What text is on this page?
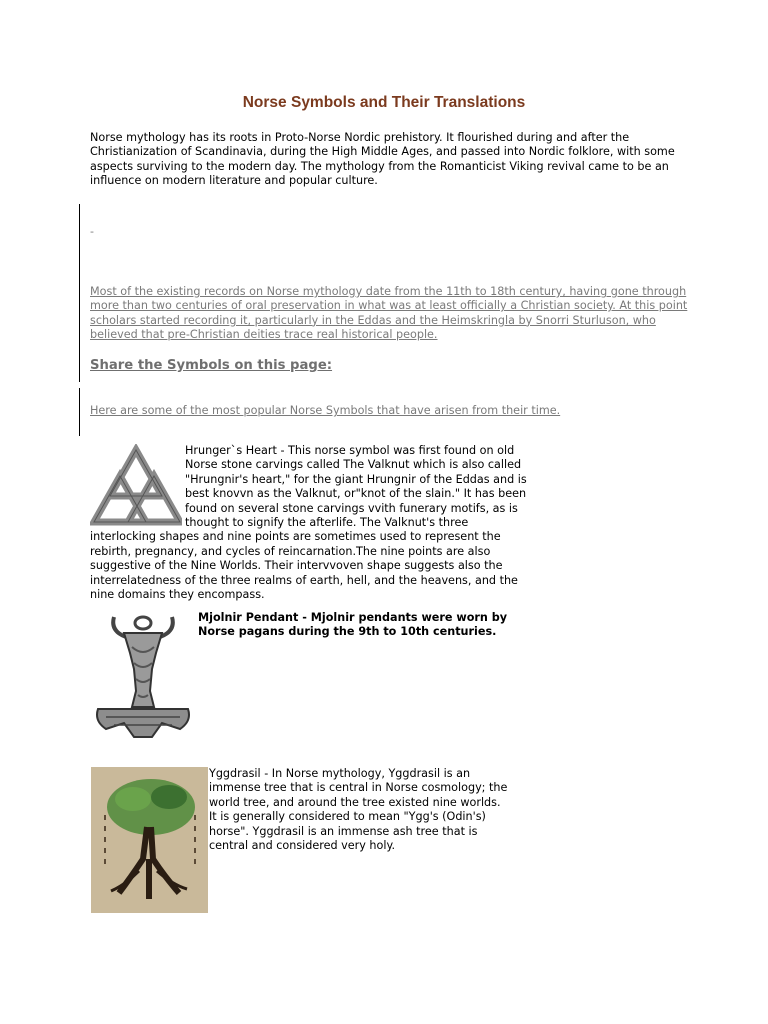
Norse Symbols and Their Translations
Norse mythology has its roots in Proto-Norse Nordic prehistory. It flourished during and after the Christianization of Scandinavia, during the High Middle Ages, and passed into Nordic folklore, with some aspects surviving to the modern day. The mythology from the Romanticist Viking revival came to be an influence on modern literature and popular culture.
-
Most of the existing records on Norse mythology date from the 11th to 18th century, having gone through more than two centuries of oral preservation in what was at least officially a Christian society. At this point scholars started recording it, particularly in the Eddas and the Heimskringla by Snorri Sturluson, who believed that pre-Christian deities trace real historical people.
Share the Symbols on this page:
Here are some of the most popular Norse Symbols that have arisen from their time.

Hrunger`s Heart - This norse symbol was first found on old Norse stone carvings called The Valknut which is also called "Hrungnir's heart," for the giant Hrungnir of the Eddas and is best knovvn as the Valknut, or"knot of the slain." It has been found on several stone carvings vvith funerary motifs, as is thought to signify the afterlife. The Valknut's three interlocking shapes and nine points are sometimes used to represent the rebirth, pregnancy, and cycles of reincarnation.The nine points are also suggestive of the Nine Worlds. Their intervvoven shape suggests also the interrelatedness of the three realms of earth, hell, and the heavens, and the nine domains they encompass.

Mjolnir Pendant - Mjolnir pendants were worn by Norse pagans during the 9th to 10th centuries.

Yggdrasil - In Norse mythology, Yggdrasil is an immense tree that is central in Norse cosmology; the world tree, and around the tree existed nine worlds. It is generally considered to mean "Ygg's (Odin's) horse". Yggdrasil is an immense ash tree that is central and considered very holy.
